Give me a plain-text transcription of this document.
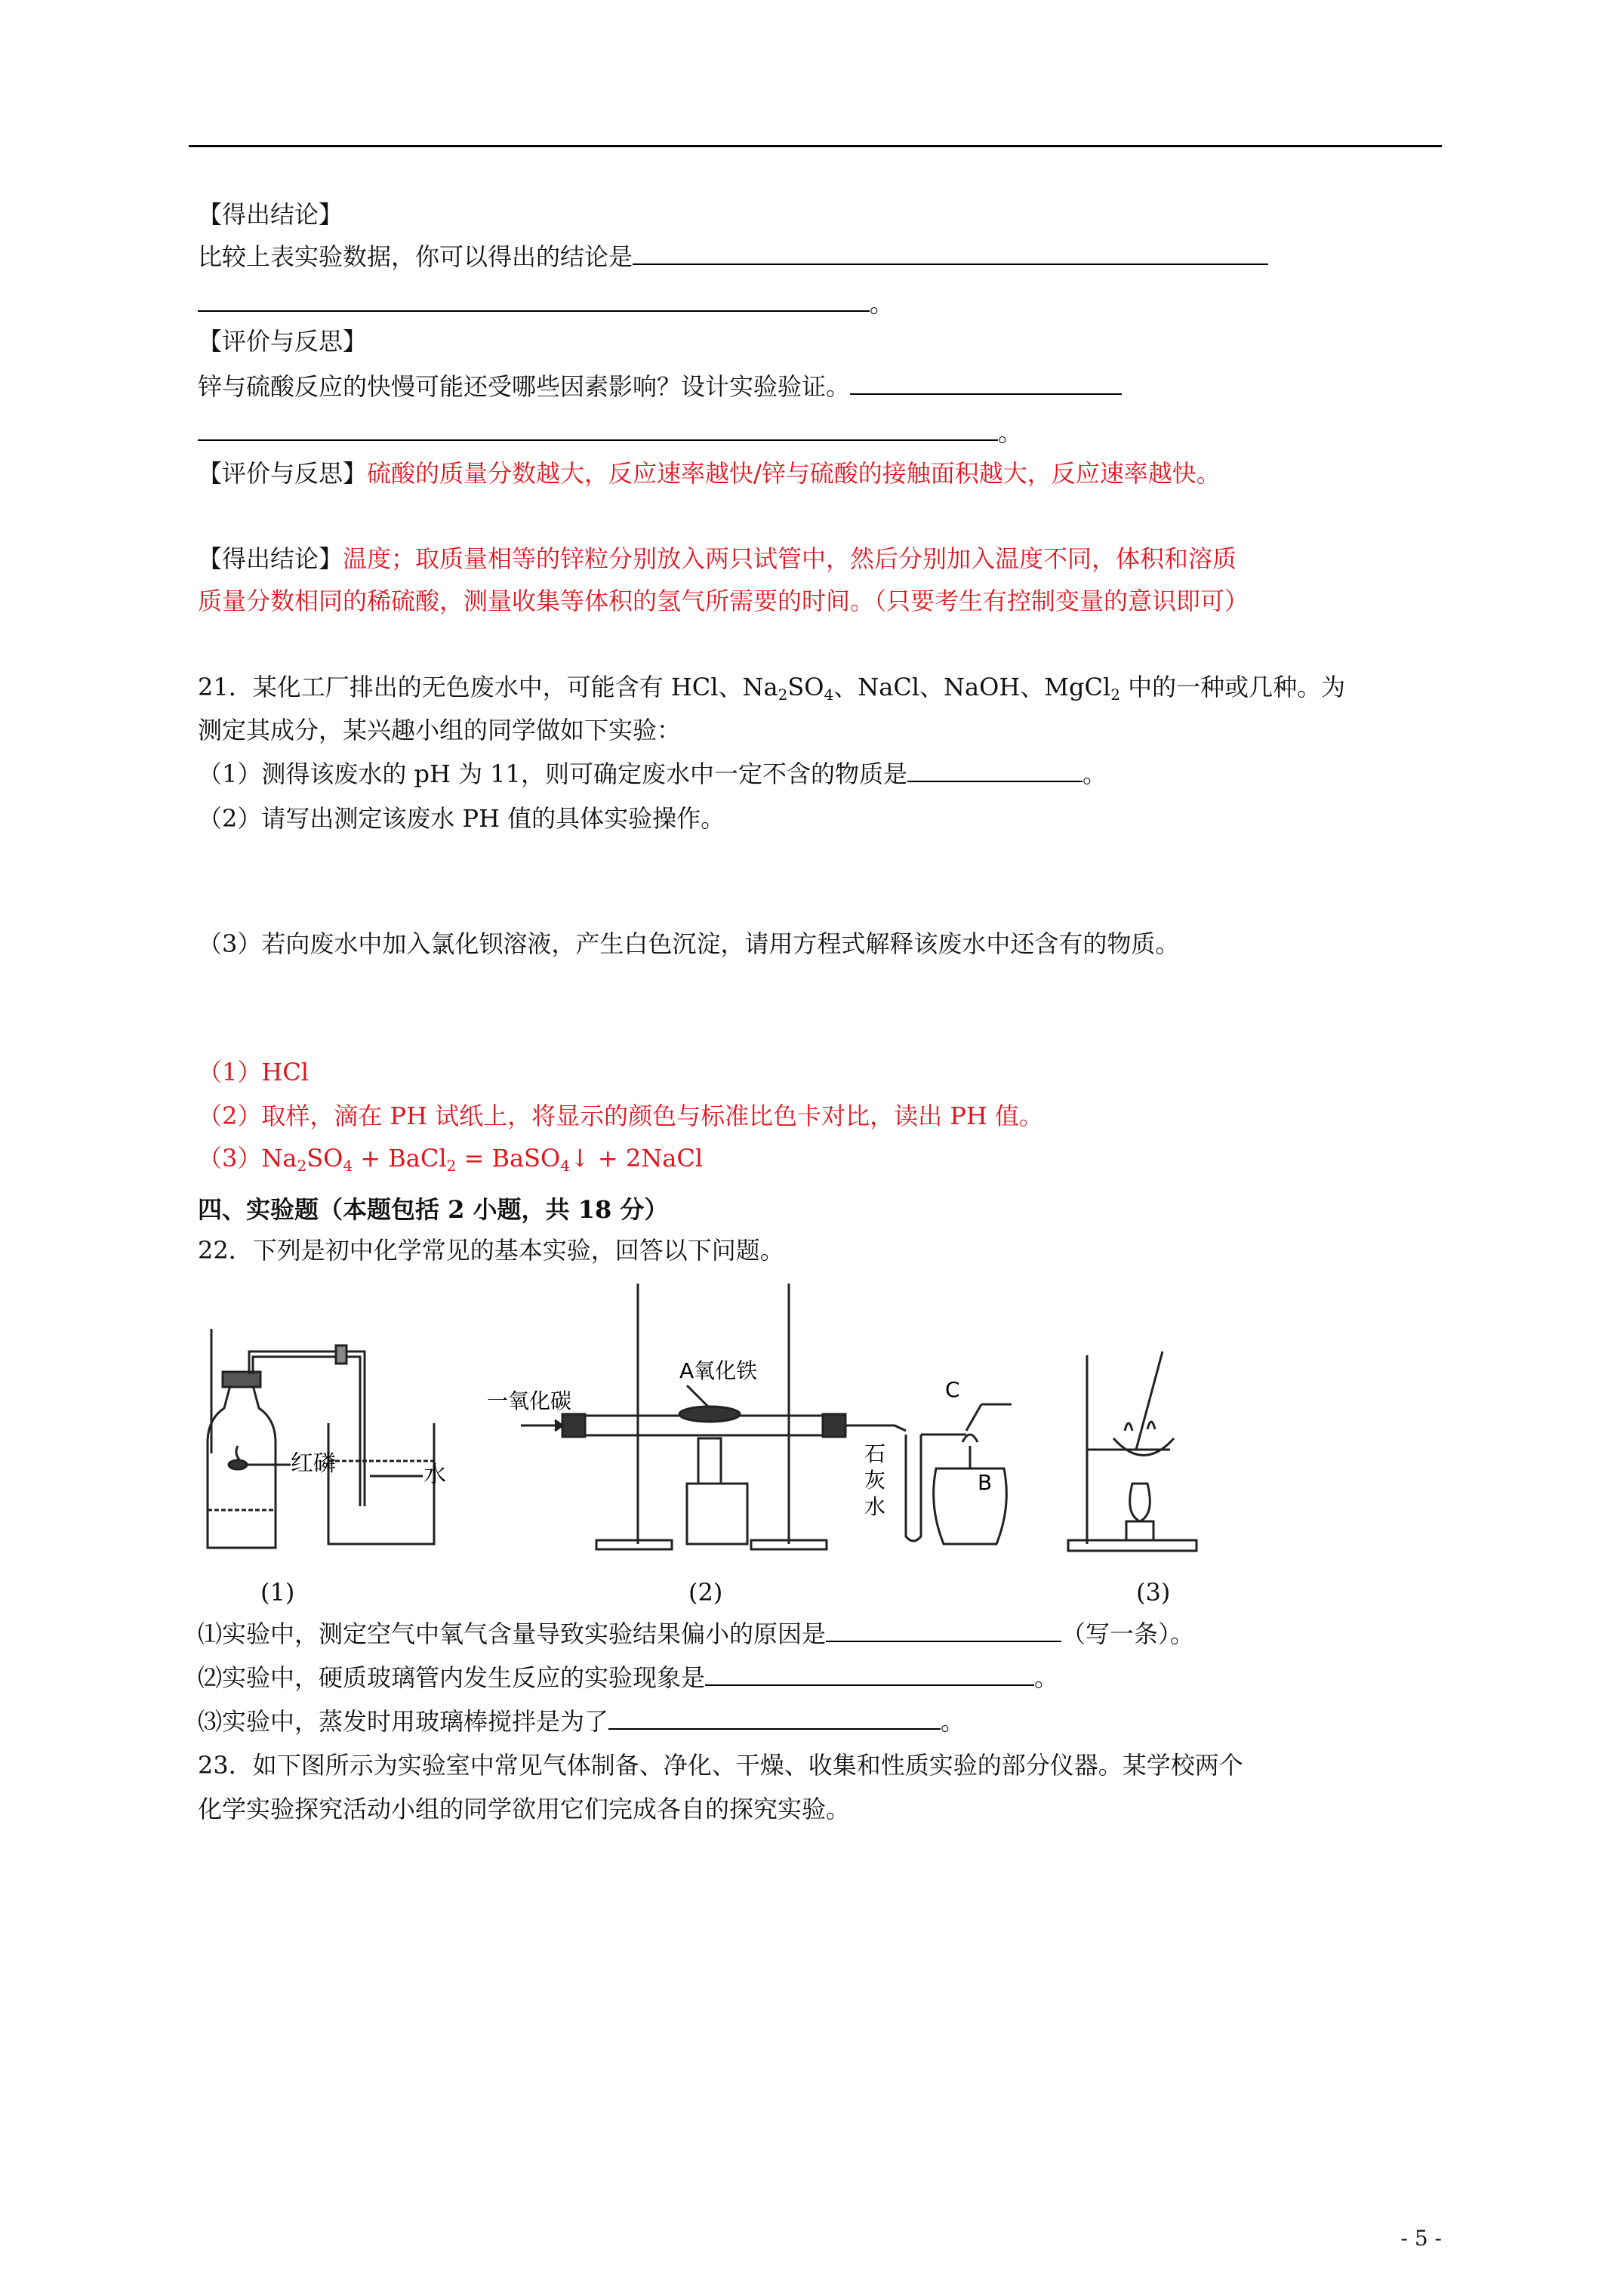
【得出结论】
比较上表实验数据，你可以得出的结论是
。
【评价与反思】
锌与硫酸反应的快慢可能还受哪些因素影响？设计实验验证。
。
【评价与反思】硫酸的质量分数越大，反应速率越快/锌与硫酸的接触面积越大，反应速率越快。
【得出结论】温度；取质量相等的锌粒分别放入两只试管中，然后分别加入温度不同，体积和溶质
质量分数相同的稀硫酸，测量收集等体积的氢气所需要的时间。（只要考生有控制变量的意识即可）
21．某化工厂排出的无色废水中，可能含有 HCl、$Na_2SO_4$、NaCl、NaOH、MgCl$_2$ 中的一种或几种。为
测定其成分，某兴趣小组的同学做如下实验：
（1）测得该废水的 pH 为 11，则可确定废水中一定不含的物质是	。
（2）请写出测定该废水 PH 值的具体实验操作。
（3）若向废水中加入氯化钡溶液，产生白色沉淀，请用方程式解释该废水中还含有的物质。
（1）HCl
（2）取样，滴在 PH 试纸上，将显示的颜色与标准比色卡对比，读出 PH 值。
$(3)Na_2SO_4$ + BaCl$_2$ = BaSO$_4$↓ + 2NaCl
四、实验题（本题包括 2 小题，共 18 分）
22．下列是初中化学常见的基本实验，回答以下问题。
红磷	水
一氧化碳
A氧化铁
C
B
石
灰
水
(1)	(2)	(3)
⑴实验中，测定空气中氧气含量导致实验结果偏小的原因是	（写一条）。
⑵实验中，硬质玻璃管内发生反应的实验现象是	。
⑶实验中，蒸发时用玻璃棒搅拌是为了	。
23．如下图所示为实验室中常见气体制备、净化、干燥、收集和性质实验的部分仪器。某学校两个
化学实验探究活动小组的同学欲用它们完成各自的探究实验。
- 5 -
